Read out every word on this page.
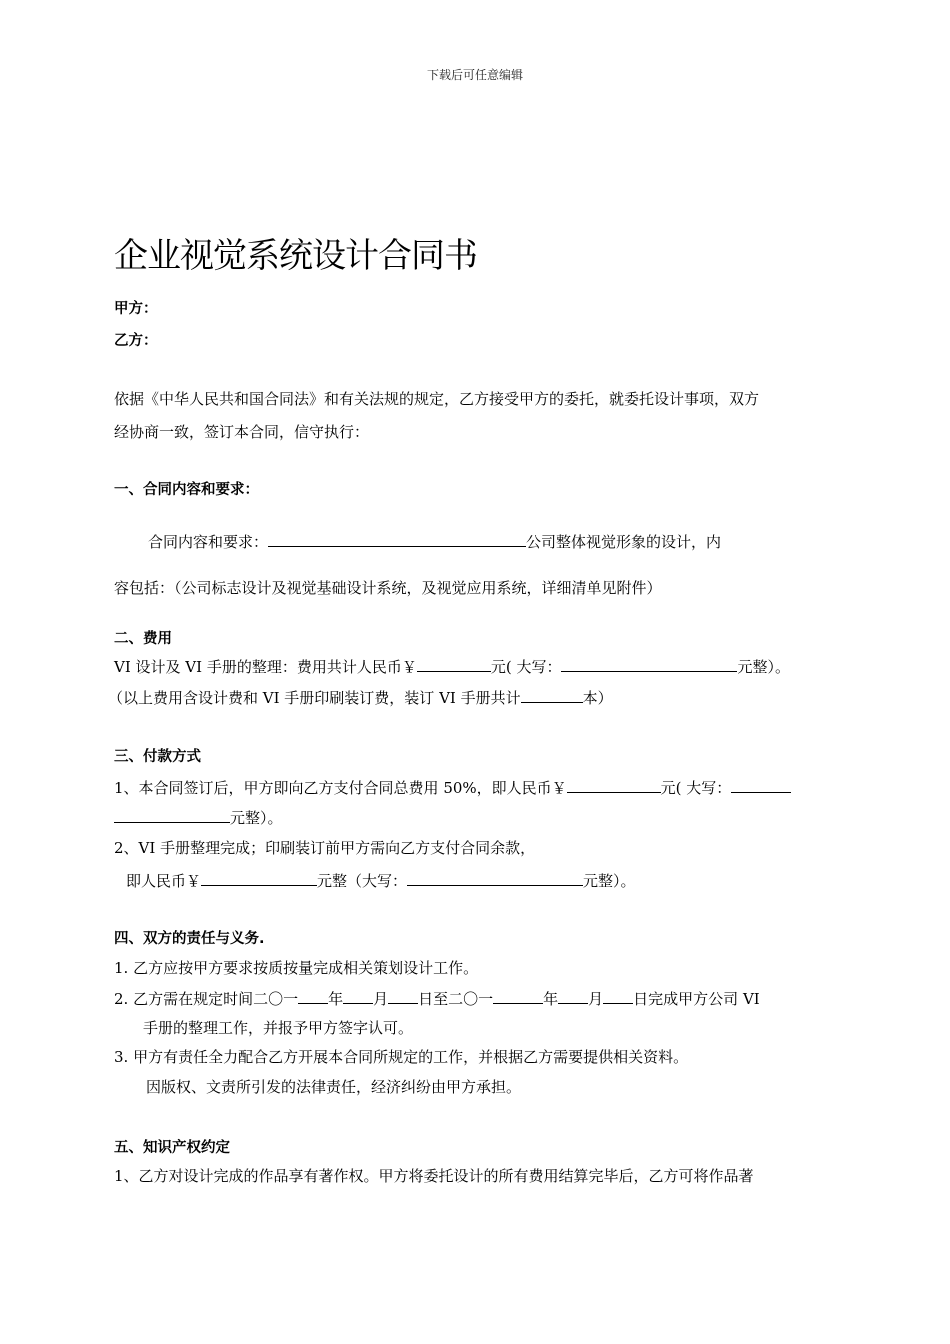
下载后可任意编辑
企业视觉系统设计合同书
甲方：
乙方：
依据《中华人民共和国合同法》和有关法规的规定，乙方接受甲方的委托，就委托设计事项，双方
经协商一致，签订本合同，信守执行：
一、合同内容和要求：
合同内容和要求：	公司整体视觉形象的设计，内
容包括：（公司标志设计及视觉基础设计系统，及视觉应用系统，详细清单见附件）
二、费用
VI 设计及 VI 手册的整理：费用共计人民币￥	元( 大写：	元整）。
（以上费用含设计费和 VI 手册印刷装订费，装订 VI 手册共计	本）
三、付款方式
1、本合同签订后，甲方即向乙方支付合同总费用 50%，即人民币￥	元( 大写：
元整）。
2、VI 手册整理完成；印刷装订前甲方需向乙方支付合同余款，
即人民币￥	元整（大写：	元整）。
四、双方的责任与义务.
1. 乙方应按甲方要求按质按量完成相关策划设计工作。
2. 乙方需在规定时间二〇一 年 月 日至二〇一	年 月 日完成甲方公司 VI
手册的整理工作，并报予甲方签字认可。
3. 甲方有责任全力配合乙方开展本合同所规定的工作，并根据乙方需要提供相关资料。
因版权、文责所引发的法律责任，经济纠纷由甲方承担。
五、知识产权约定
1、乙方对设计完成的作品享有著作权。甲方将委托设计的所有费用结算完毕后，乙方可将作品著
